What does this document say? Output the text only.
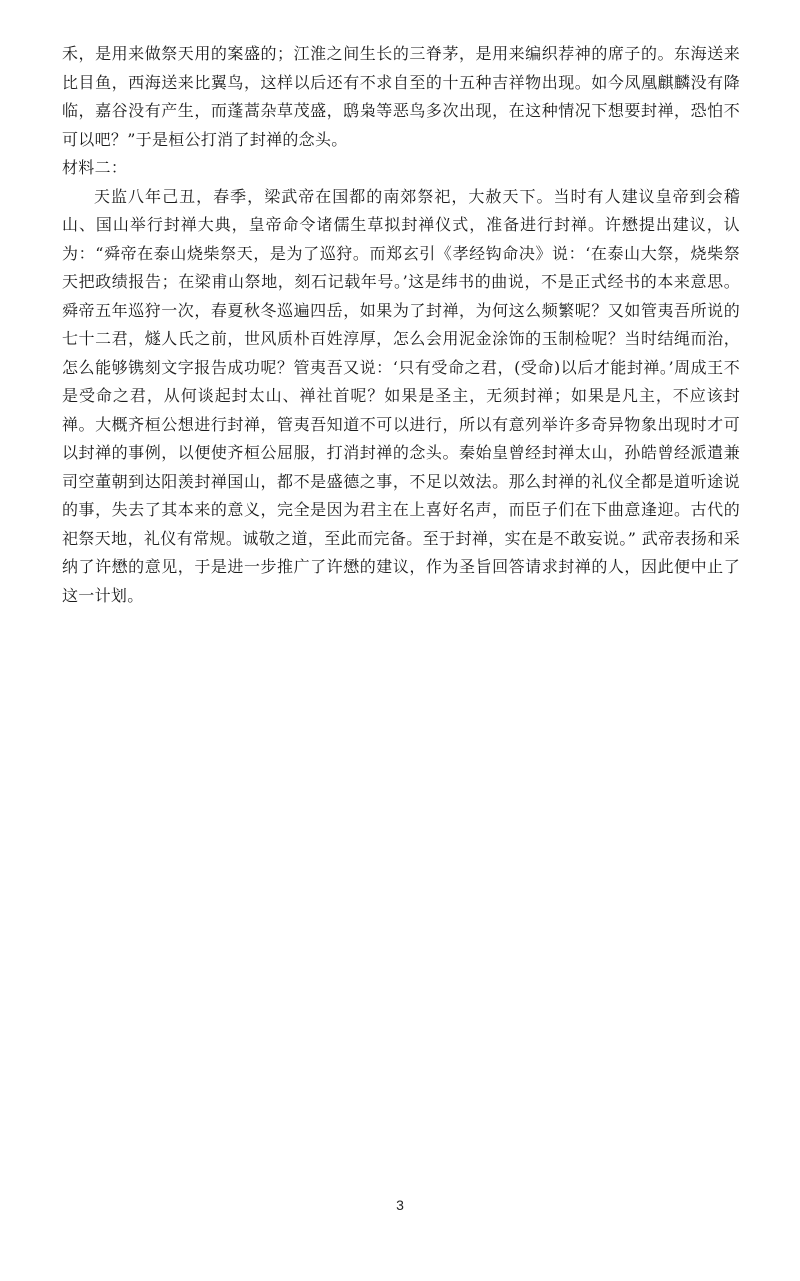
禾，是用来做祭天用的案盛的；江淮之间生长的三脊茅，是用来编织荐神的席子的。东海送来比目鱼，西海送来比翼鸟，这样以后还有不求自至的十五种吉祥物出现。如今凤凰麒麟没有降临，嘉谷没有产生，而蓬蒿杂草茂盛，鸱枭等恶鸟多次出现，在这种情况下想要封禅，恐怕不可以吧？”于是桓公打消了封禅的念头。

材料二：

天监八年己丑，春季，梁武帝在国都的南郊祭祀，大赦天下。当时有人建议皇帝到会稽山、国山举行封禅大典，皇帝命令诸儒生草拟封禅仪式，准备进行封禅。许懋提出建议，认为：“舜帝在泰山烧柴祭天，是为了巡狩。而郑玄引《孝经钩命决》说：‘在泰山大祭，烧柴祭天把政绩报告；在梁甫山祭地，刻石记载年号。’这是纬书的曲说，不是正式经书的本来意思。舜帝五年巡狩一次，春夏秋冬巡遍四岳，如果为了封禅，为何这么频繁呢？又如管夷吾所说的七十二君，燧人氏之前，世风质朴百姓淳厚，怎么会用泥金涂饰的玉制检呢？当时结绳而治，怎么能够镌刻文字报告成功呢？管夷吾又说：‘只有受命之君，(受命)以后才能封禅。’周成王不是受命之君，从何谈起封太山、禅社首呢？如果是圣主，无须封禅；如果是凡主，不应该封禅。大概齐桓公想进行封禅，管夷吾知道不可以进行，所以有意列举许多奇异物象出现时才可以封禅的事例，以便使齐桓公屈服，打消封禅的念头。秦始皇曾经封禅太山，孙皓曾经派遣兼司空董朝到达阳羡封禅国山，都不是盛德之事，不足以效法。那么封禅的礼仪全都是道听途说的事，失去了其本来的意义，完全是因为君主在上喜好名声，而臣子们在下曲意逢迎。古代的祀祭天地，礼仪有常规。诚敬之道，至此而完备。至于封禅，实在是不敢妄说。” 武帝表扬和采纳了许懋的意见，于是进一步推广了许懋的建议，作为圣旨回答请求封禅的人，因此便中止了这一计划。

3
